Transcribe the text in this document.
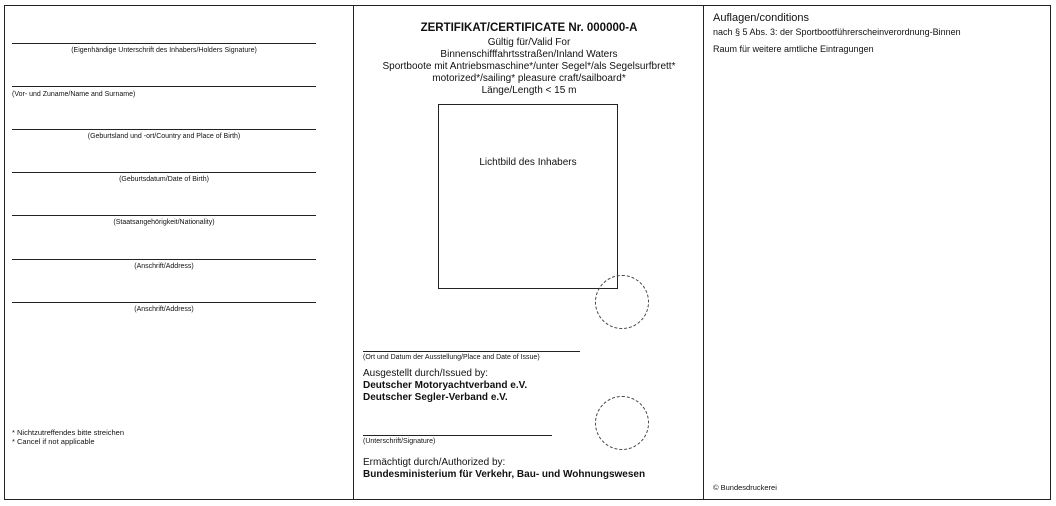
(Eigenhändige Unterschrift des Inhabers/Holders Signature)
(Vor- und Zuname/Name and Surname)
(Geburtsland und -ort/Country and Place of Birth)
(Geburtsdatum/Date of Birth)
(Staatsangehörigkeit/Nationality)
(Anschrift/Address)
(Anschrift/Address)
* Nichtzutreffendes bitte streichen
* Cancel if not applicable
ZERTIFIKAT/CERTIFICATE Nr. 000000-A
Gültig für/Valid For
Binnenschifffahrtsstraßen/Inland Waters
Sportboote mit Antriebsmaschine*/unter Segel*/als Segelsurfbrett*
motorized*/sailing* pleasure craft/sailboard*
Länge/Length < 15 m
Lichtbild des Inhabers
(Ort und Datum der Ausstellung/Place and Date of Issue)
Ausgestellt durch/Issued by:
Deutscher Motoryachtverband e.V.
Deutscher Segler-Verband e.V.
(Unterschrift/Signature)
Ermächtigt durch/Authorized by:
Bundesministerium für Verkehr, Bau- und Wohnungswesen
Auflagen/conditions
nach § 5 Abs. 3: der Sportbootführerscheinverordnung-Binnen
Raum für weitere amtliche Eintragungen
© Bundesdruckerei
